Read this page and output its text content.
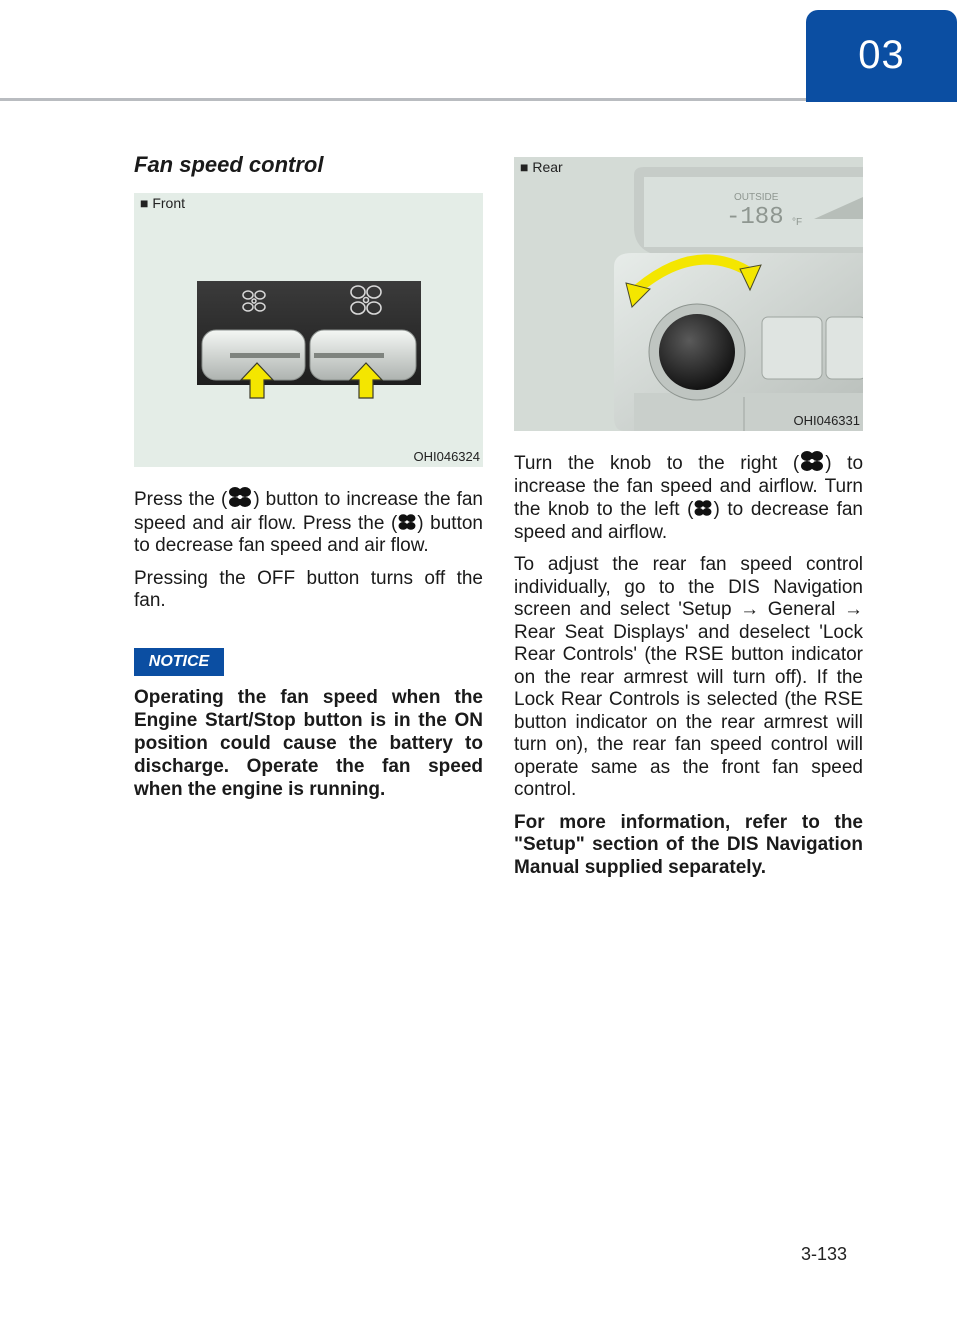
03
Fan speed control
■ Front
OHI046324
OUTSIDE
-188 °F
■ Rear
OHI046331

Press the ( ) button to increase the fan speed and air flow. Press the ( ) button to decrease fan speed and air flow.

Pressing the OFF button turns off the fan.

NOTICE
Operating the fan speed when the Engine Start/Stop button is in the ON position could cause the battery to discharge. Operate the fan speed when the engine is running.

Turn the knob to the right ( ) to increase the fan speed and airflow. Turn the knob to the left ( ) to decrease fan speed and airflow.

To adjust the rear fan speed control individually, go to the DIS Navigation screen and select 'Setup → General → Rear Seat Displays' and deselect 'Lock Rear Controls' (the RSE button indicator on the rear armrest will turn off). If the Lock Rear Controls is selected (the RSE button indicator on the rear armrest will turn on), the rear fan speed control will operate same as the front fan speed control.

For more information, refer to the "Setup" section of the DIS Navigation Manual supplied separately.

3-133
